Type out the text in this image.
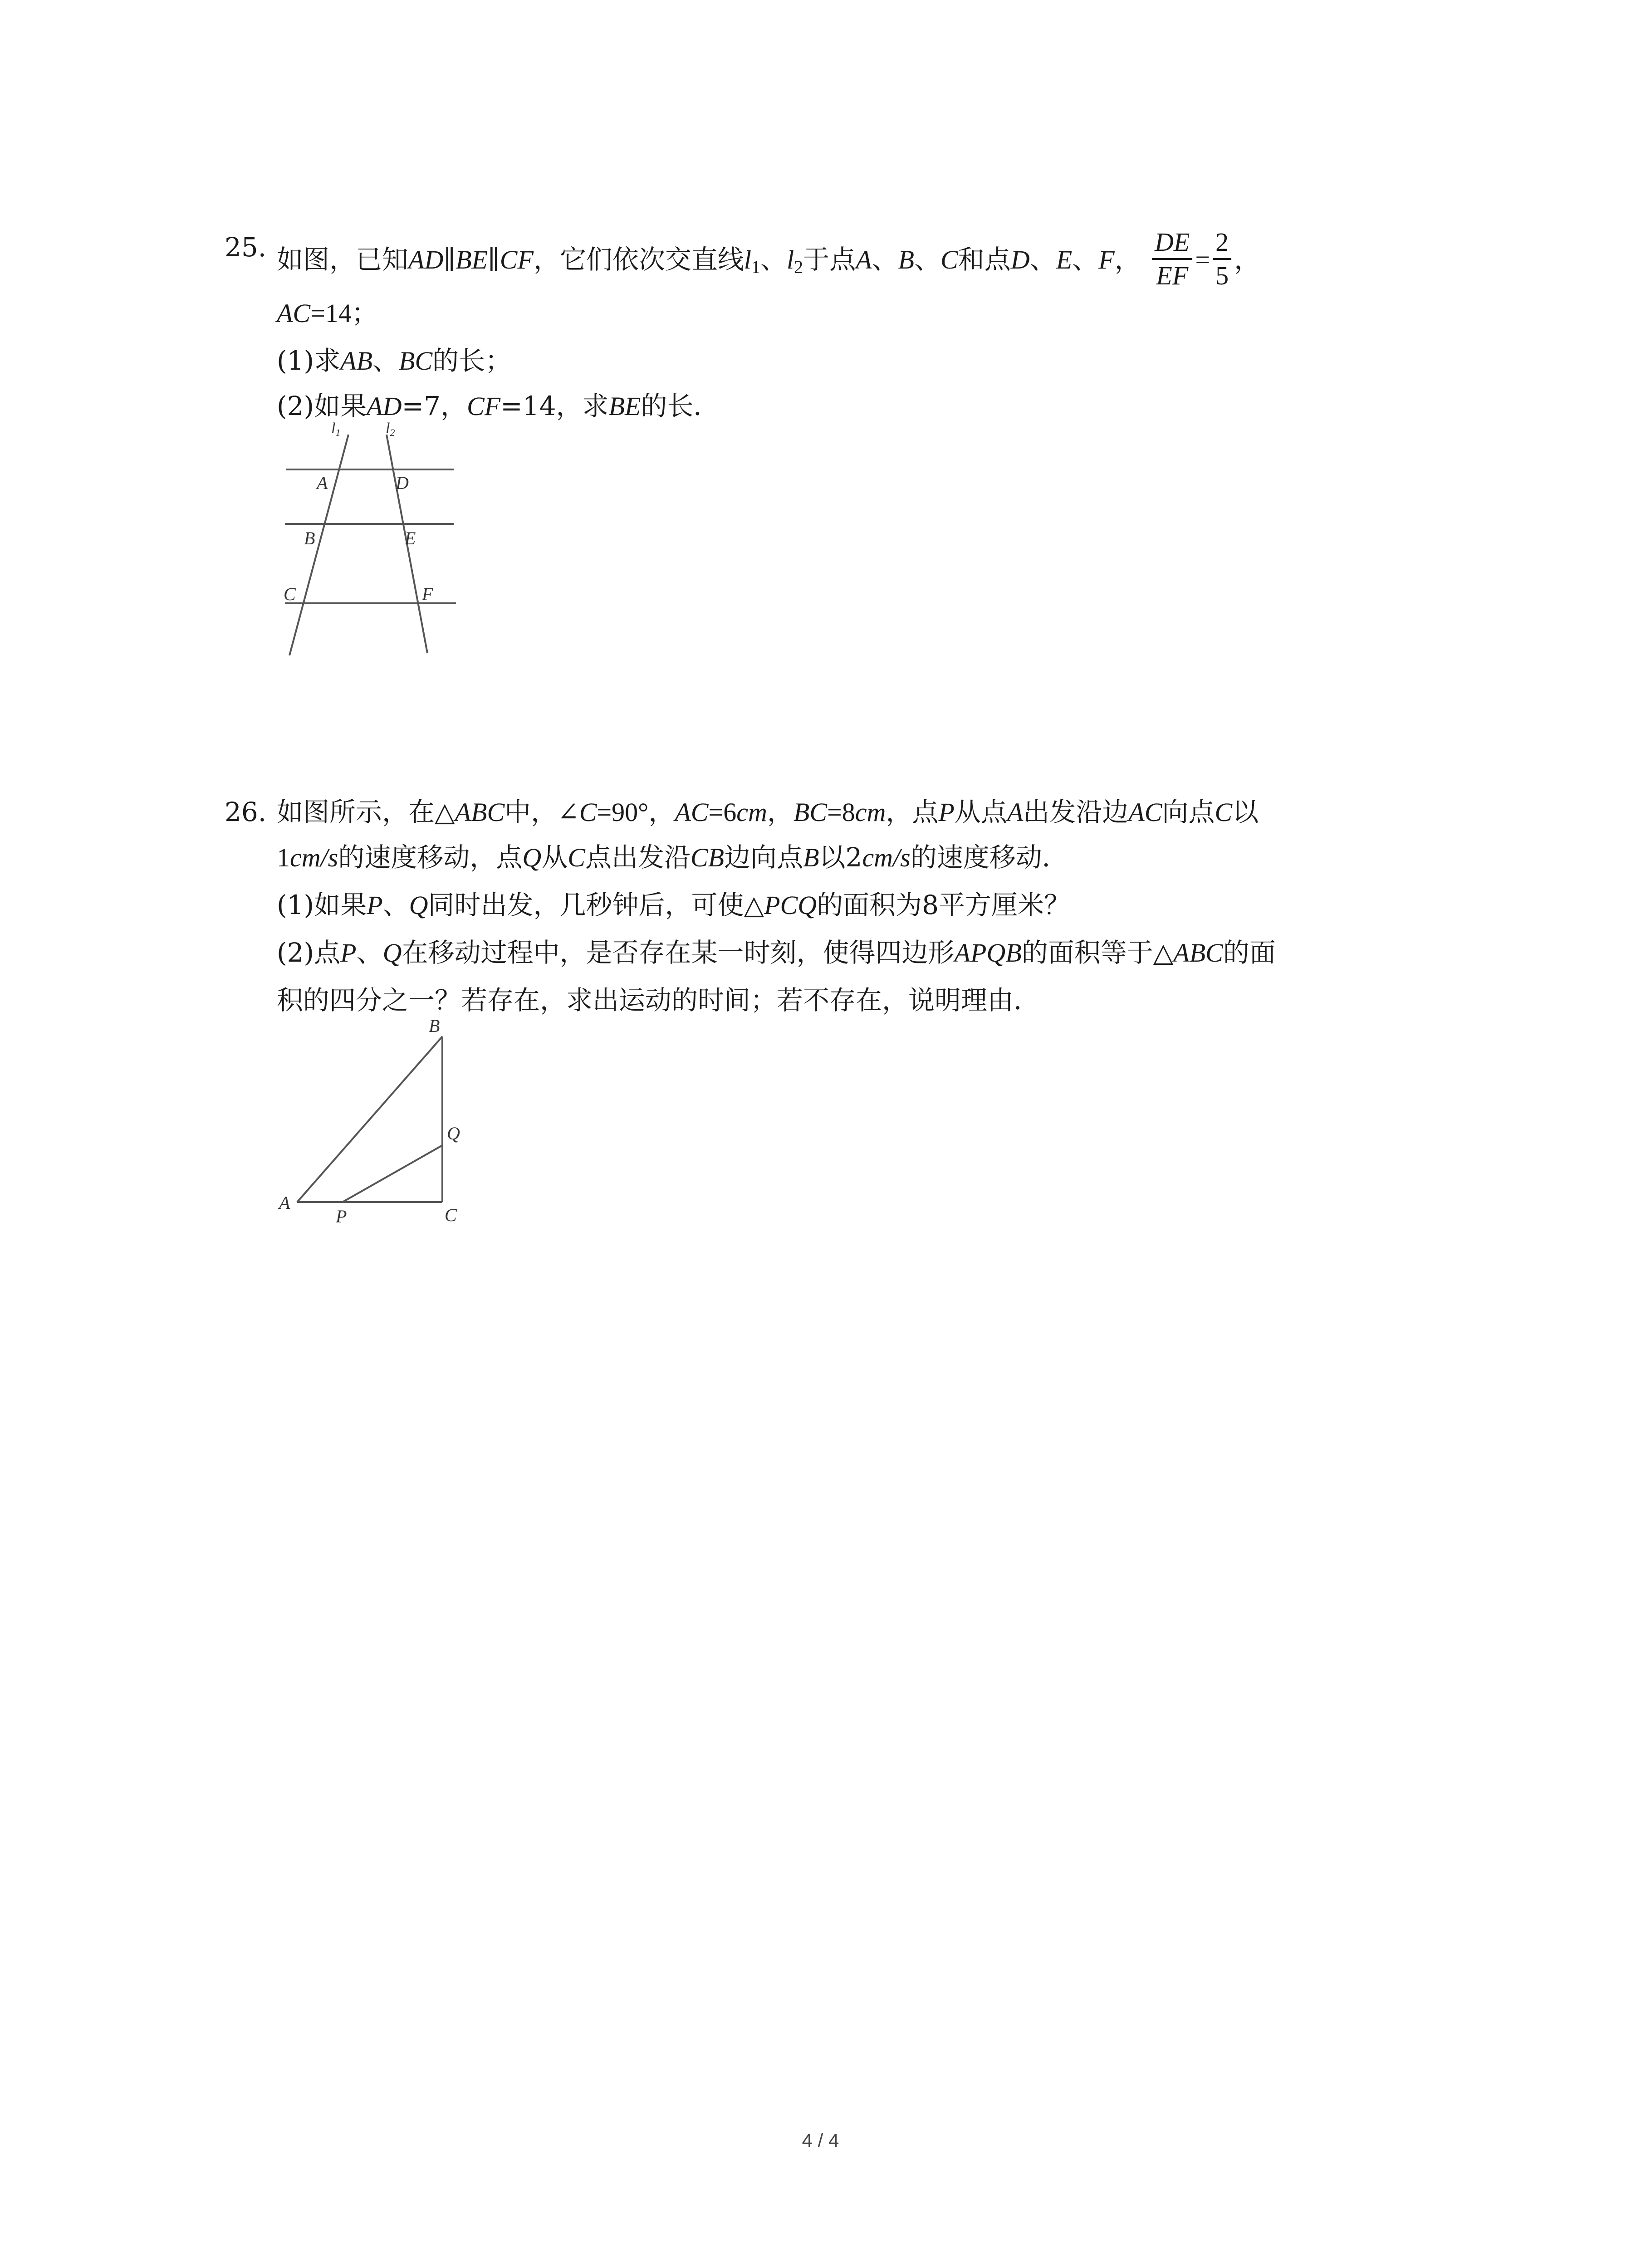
25. 如图，已知AD∥BE∥CF，它们依次交直线$l_1$、$l_2$于点A、B、C和点D、E、F， $\frac{DE}{EF} = \frac{2}{5}$ ，
AC=14；
(1)求AB、BC的长；
(2)如果AD=7，CF=14，求BE的长．
l1	l2
A	D
B	E
C	F
26. 如图所示，在△ABC中，∠C=90°，AC=6cm，BC=8cm，点P从点A出发沿边AC向点C以
1cm/s的速度移动，点Q从C点出发沿CB边向点B以2cm/s的速度移动．
(1)如果P、Q同时出发，几秒钟后，可使△PCQ的面积为8平方厘米？
(2)点P、Q在移动过程中，是否存在某一时刻，使得四边形APQB的面积等于△ABC的面
积的四分之一？若存在，求出运动的时间；若不存在，说明理由．
B
Q
A
P	C
4 / 4
